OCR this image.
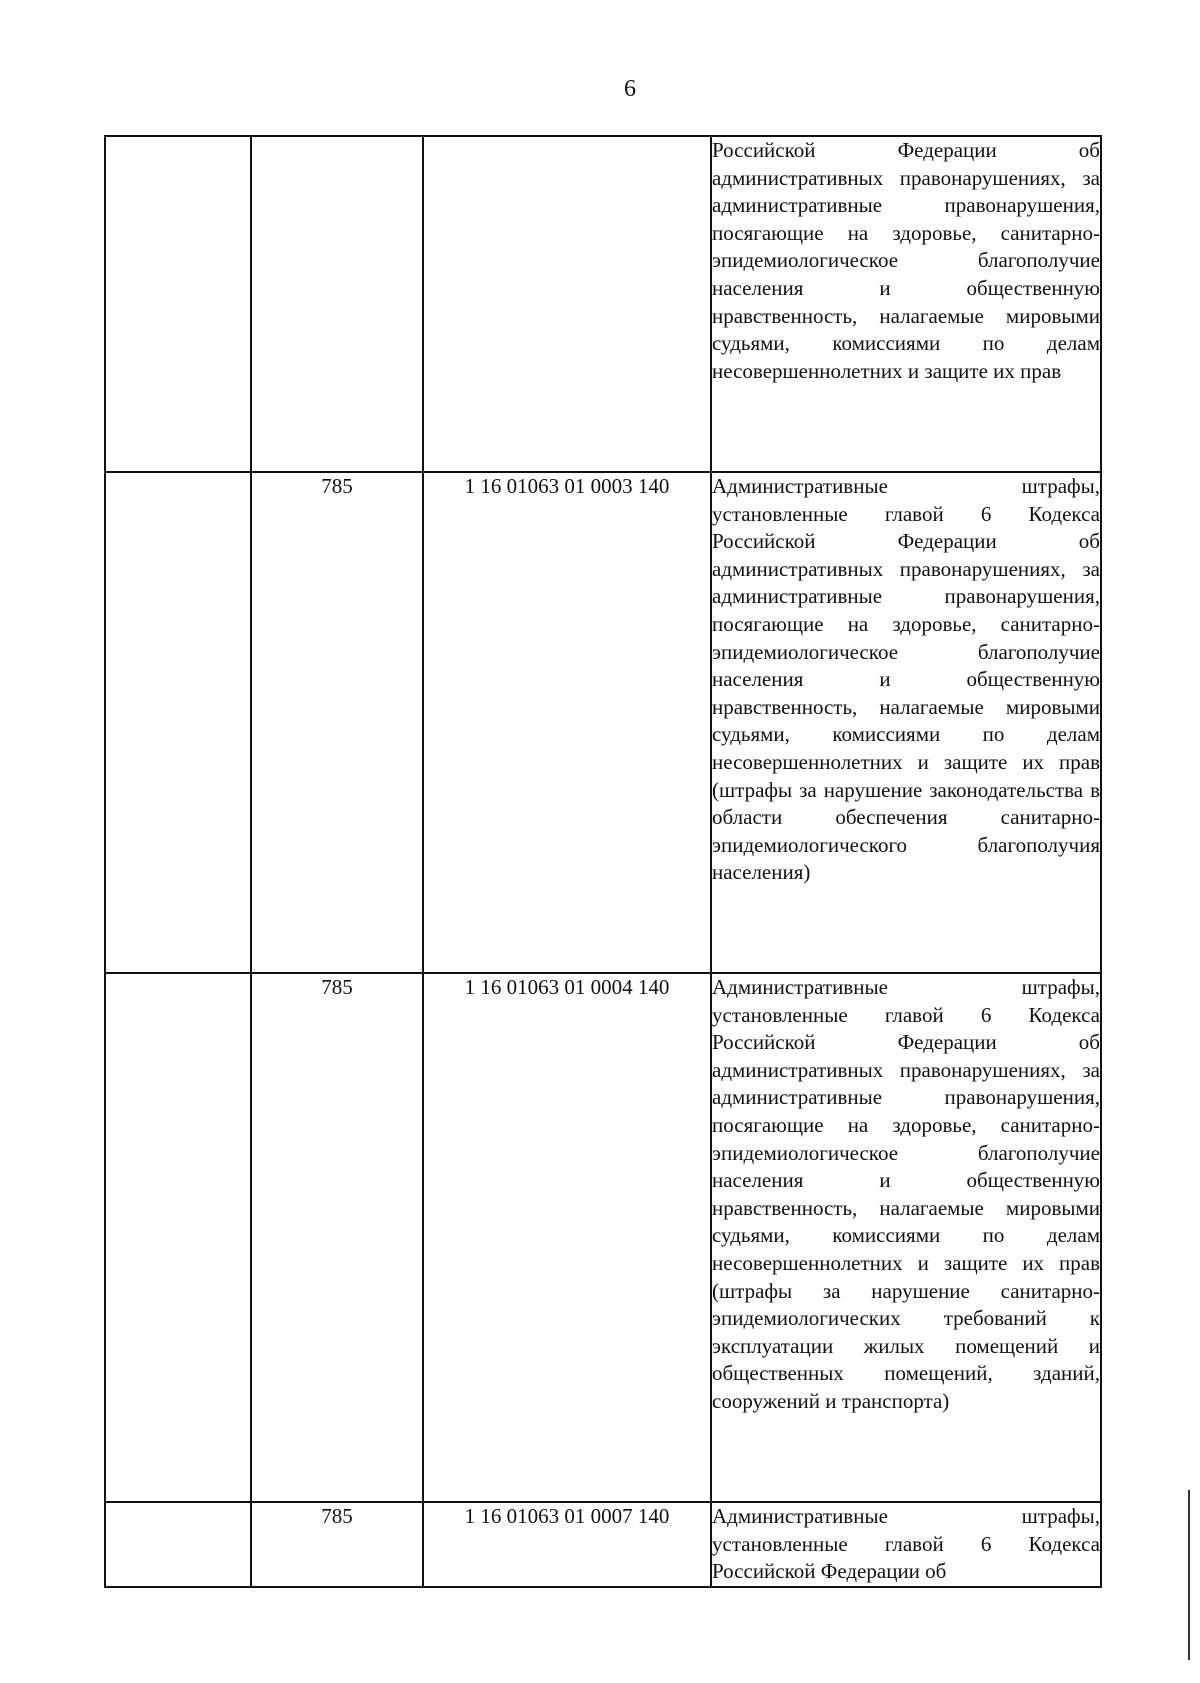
6
			Российской Федерации об административных правонарушениях, за административные правонарушения, посягающие на здоровье, санитарно-эпидемиологическое благополучие населения и общественную нравственность, налагаемые мировыми судьями, комиссиями по делам несовершеннолетних и защите их прав
	785	1 16 01063 01 0003 140	Административные штрафы, установленные главой 6 Кодекса Российской Федерации об административных правонарушениях, за административные правонарушения, посягающие на здоровье, санитарно-эпидемиологическое благополучие населения и общественную нравственность, налагаемые мировыми судьями, комиссиями по делам несовершеннолетних и защите их прав (штрафы за нарушение законодательства в области обеспечения санитарно-эпидемиологического благополучия населения)
	785	1 16 01063 01 0004 140	Административные штрафы, установленные главой 6 Кодекса Российской Федерации об административных правонарушениях, за административные правонарушения, посягающие на здоровье, санитарно-эпидемиологическое благополучие населения и общественную нравственность, налагаемые мировыми судьями, комиссиями по делам несовершеннолетних и защите их прав (штрафы за нарушение санитарно-эпидемиологических требований к эксплуатации жилых помещений и общественных помещений, зданий, сооружений и транспорта)
	785	1 16 01063 01 0007 140	Административные штрафы, установленные главой 6 Кодекса Российской Федерации об
